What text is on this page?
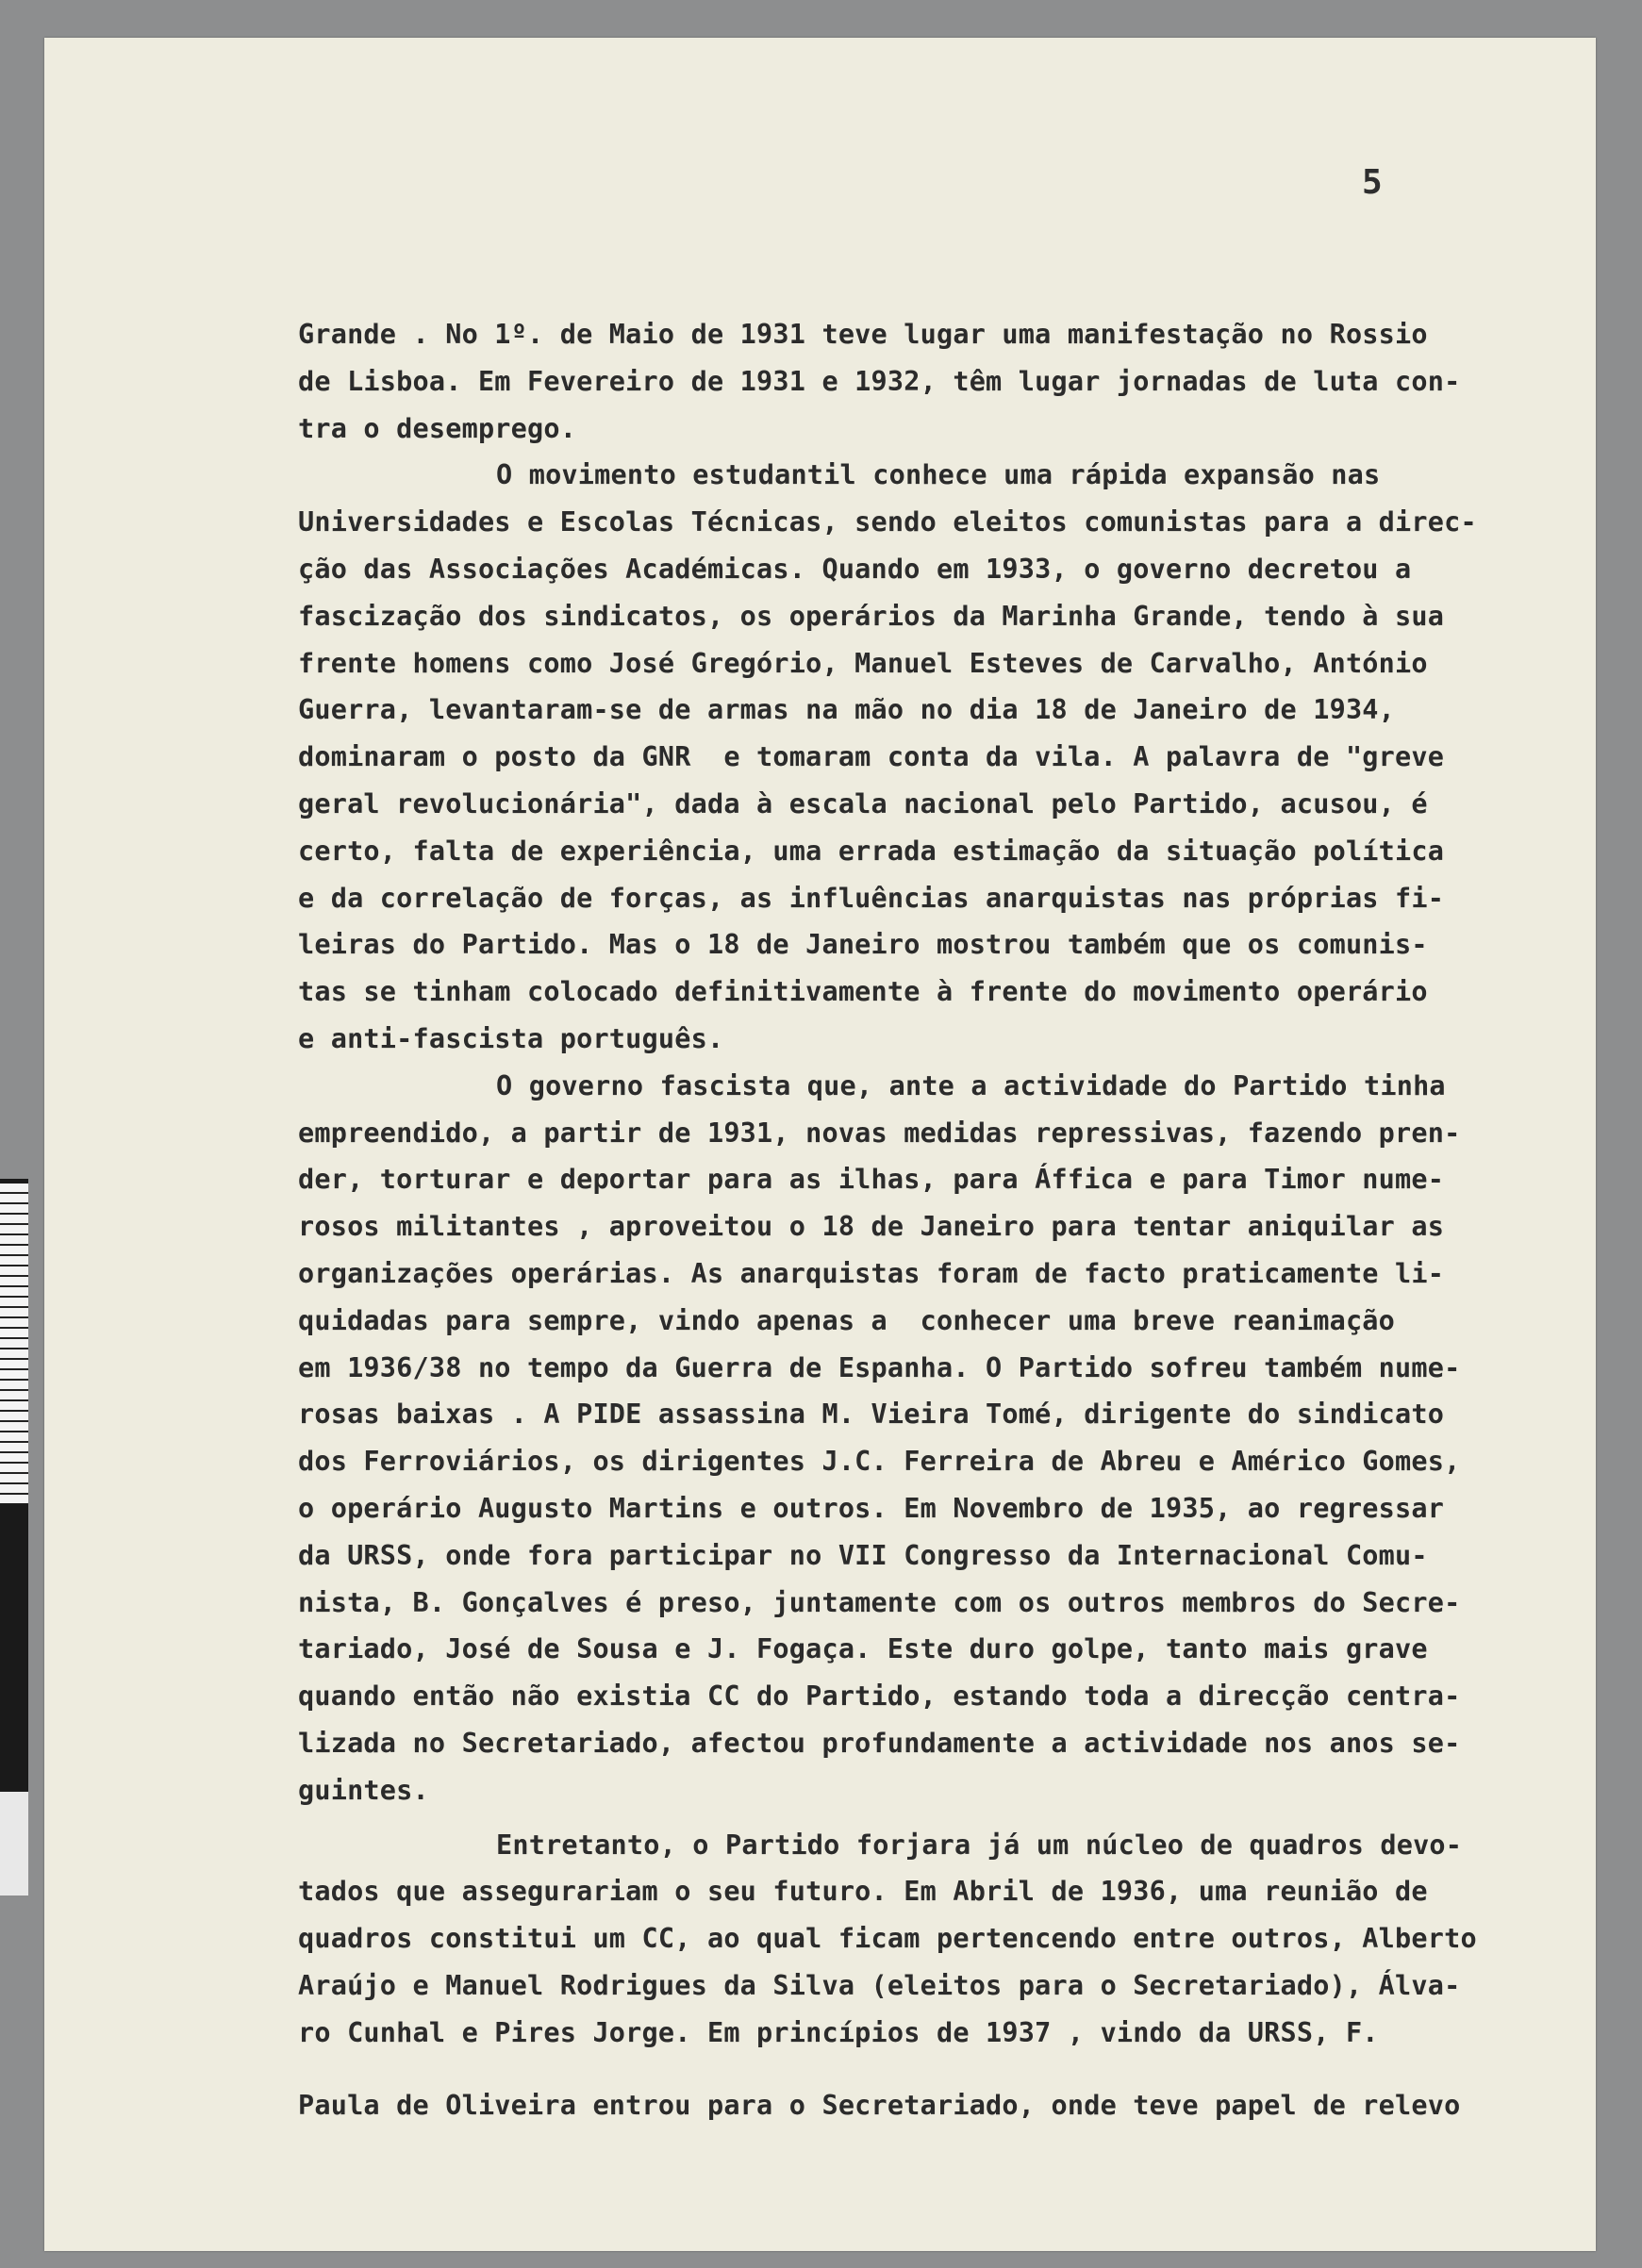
5
Grande . No 1º. de Maio de 1931 teve lugar uma manifestação no Rossio
de Lisboa. Em Fevereiro de 1931 e 1932, têm lugar jornadas de luta con-
tra o desemprego.
O movimento estudantil conhece uma rápida expansão nas
Universidades e Escolas Técnicas, sendo eleitos comunistas para a direc-
ção das Associações Académicas. Quando em 1933, o governo decretou a
fascização dos sindicatos, os operários da Marinha Grande, tendo à sua
frente homens como José Gregório, Manuel Esteves de Carvalho, António
Guerra, levantaram-se de armas na mão no dia 18 de Janeiro de 1934,
dominaram o posto da GNR  e tomaram conta da vila. A palavra de "greve
geral revolucionária", dada à escala nacional pelo Partido, acusou, é
certo, falta de experiência, uma errada estimação da situação política
e da correlação de forças, as influências anarquistas nas próprias fi-
leiras do Partido. Mas o 18 de Janeiro mostrou também que os comunis-
tas se tinham colocado definitivamente à frente do movimento operário
e anti-fascista português.
O governo fascista que, ante a actividade do Partido tinha
empreendido, a partir de 1931, novas medidas repressivas, fazendo pren-
der, torturar e deportar para as ilhas, para Áffica e para Timor nume-
rosos militantes , aproveitou o 18 de Janeiro para tentar aniquilar as
organizações operárias. As anarquistas foram de facto praticamente li-
quidadas para sempre, vindo apenas a  conhecer uma breve reanimação
em 1936/38 no tempo da Guerra de Espanha. O Partido sofreu também nume-
rosas baixas . A PIDE assassina M. Vieira Tomé, dirigente do sindicato
dos Ferroviários, os dirigentes J.C. Ferreira de Abreu e Américo Gomes,
o operário Augusto Martins e outros. Em Novembro de 1935, ao regressar
da URSS, onde fora participar no VII Congresso da Internacional Comu-
nista, B. Gonçalves é preso, juntamente com os outros membros do Secre-
tariado, José de Sousa e J. Fogaça. Este duro golpe, tanto mais grave
quando então não existia CC do Partido, estando toda a direcção centra-
lizada no Secretariado, afectou profundamente a actividade nos anos se-
guintes.
Entretanto, o Partido forjara já um núcleo de quadros devo-
tados que assegurariam o seu futuro. Em Abril de 1936, uma reunião de
quadros constitui um CC, ao qual ficam pertencendo entre outros, Alberto
Araújo e Manuel Rodrigues da Silva (eleitos para o Secretariado), Álva-
ro Cunhal e Pires Jorge. Em princípios de 1937 , vindo da URSS, F.
Paula de Oliveira entrou para o Secretariado, onde teve papel de relevo
